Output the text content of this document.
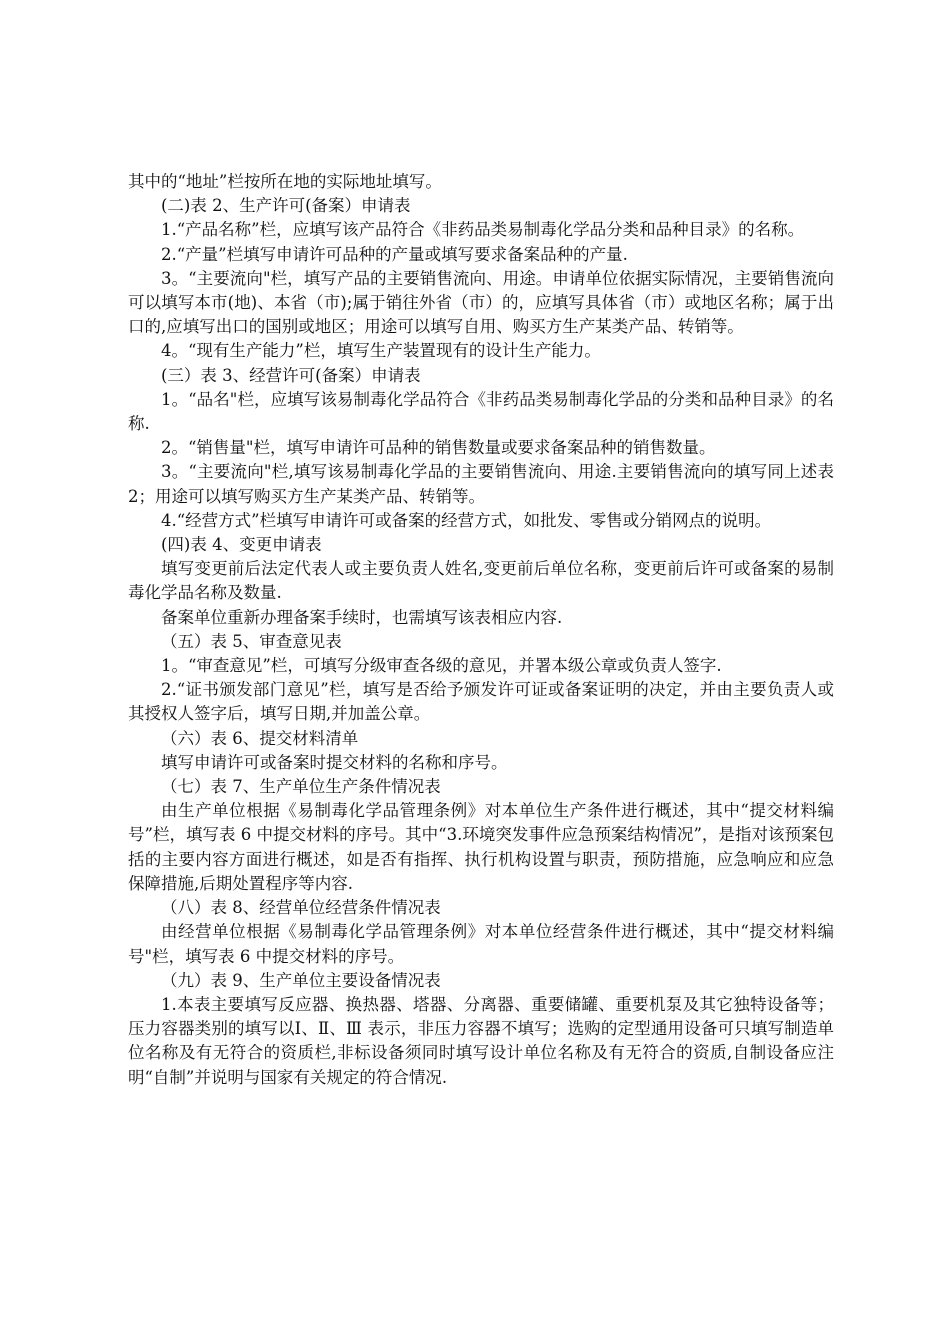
其中的“地址”栏按所在地的实际地址填写。

(二)表 2、生产许可(备案）申请表

1.“产品名称”栏，应填写该产品符合《非药品类易制毒化学品分类和品种目录》的名称。

2.“产量”栏填写申请许可品种的产量或填写要求备案品种的产量.

3。“主要流向"栏，填写产品的主要销售流向、用途。申请单位依据实际情况，主要销售流向可以填写本市(地)、本省（市);属于销往外省（市）的，应填写具体省（市）或地区名称；属于出口的,应填写出口的国别或地区；用途可以填写自用、购买方生产某类产品、转销等。

4。“现有生产能力”栏，填写生产装置现有的设计生产能力。

(三）表 3、经营许可(备案）申请表

1。“品名"栏，应填写该易制毒化学品符合《非药品类易制毒化学品的分类和品种目录》的名称.

2。“销售量"栏，填写申请许可品种的销售数量或要求备案品种的销售数量。

3。“主要流向"栏,填写该易制毒化学品的主要销售流向、用途.主要销售流向的填写同上述表 2；用途可以填写购买方生产某类产品、转销等。

4.“经营方式”栏填写申请许可或备案的经营方式，如批发、零售或分销网点的说明。

(四)表 4、变更申请表

填写变更前后法定代表人或主要负责人姓名,变更前后单位名称，变更前后许可或备案的易制毒化学品名称及数量.

备案单位重新办理备案手续时，也需填写该表相应内容.

（五）表 5、审查意见表

1。“审查意见”栏，可填写分级审查各级的意见，并署本级公章或负责人签字.

2.“证书颁发部门意见”栏，填写是否给予颁发许可证或备案证明的决定，并由主要负责人或其授权人签字后，填写日期,并加盖公章。

（六）表 6、提交材料清单

填写申请许可或备案时提交材料的名称和序号。

（七）表 7、生产单位生产条件情况表

由生产单位根据《易制毒化学品管理条例》对本单位生产条件进行概述，其中“提交材料编号”栏，填写表 6 中提交材料的序号。其中“3.环境突发事件应急预案结构情况”，是指对该预案包括的主要内容方面进行概述，如是否有指挥、执行机构设置与职责，预防措施，应急响应和应急保障措施,后期处置程序等内容.

（八）表 8、经营单位经营条件情况表

由经营单位根据《易制毒化学品管理条例》对本单位经营条件进行概述，其中“提交材料编号"栏，填写表 6 中提交材料的序号。

（九）表 9、生产单位主要设备情况表

1.本表主要填写反应器、换热器、塔器、分离器、重要储罐、重要机泵及其它独特设备等；压力容器类别的填写以Ⅰ、Ⅱ、Ⅲ 表示，非压力容器不填写；选购的定型通用设备可只填写制造单位名称及有无符合的资质栏,非标设备须同时填写设计单位名称及有无符合的资质,自制设备应注明“自制”并说明与国家有关规定的符合情况.
